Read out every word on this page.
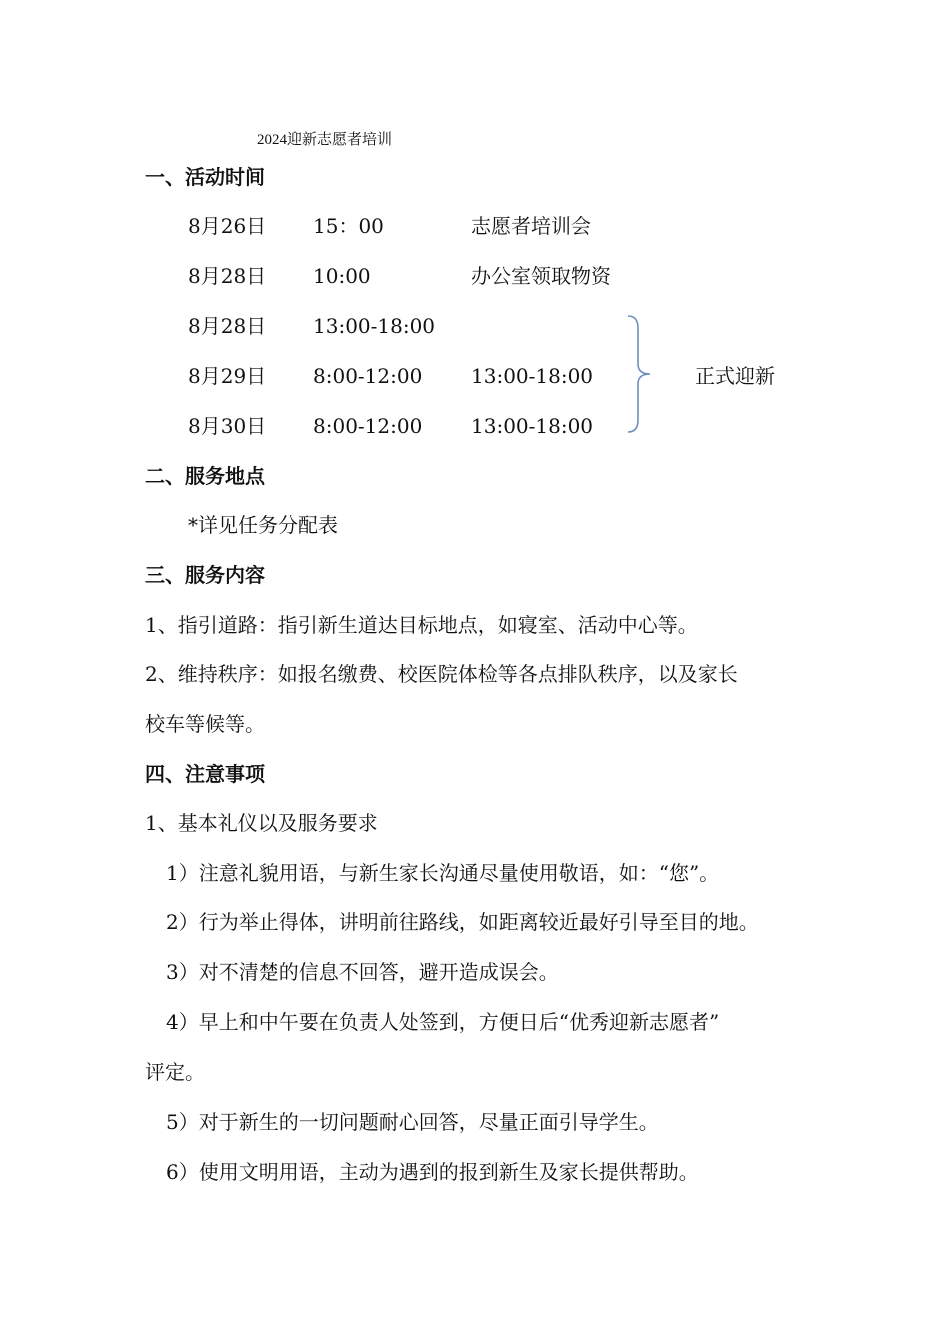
2024迎新志愿者培训
一、活动时间
8月26日 15：00	志愿者培训会
8月28日 10:00	办公室领取物资
8月28日 13:00-18:00
8月29日 8:00-12:00 13:00-18:00
8月30日 8:00-12:00 13:00-18:00
正式迎新
二、服务地点
*详见任务分配表
三、服务内容
1、指引道路：指引新生道达目标地点，如寝室、活动中心等。
2、维持秩序：如报名缴费、校医院体检等各点排队秩序，以及家长
校车等候等。
四、注意事项
1、基本礼仪以及服务要求
1）注意礼貌用语，与新生家长沟通尽量使用敬语，如：“您”。
2）行为举止得体，讲明前往路线，如距离较近最好引导至目的地。
3）对不清楚的信息不回答，避开造成误会。
4）早上和中午要在负责人处签到，方便日后“优秀迎新志愿者”
评定。
5）对于新生的一切问题耐心回答，尽量正面引导学生。
6）使用文明用语，主动为遇到的报到新生及家长提供帮助。
